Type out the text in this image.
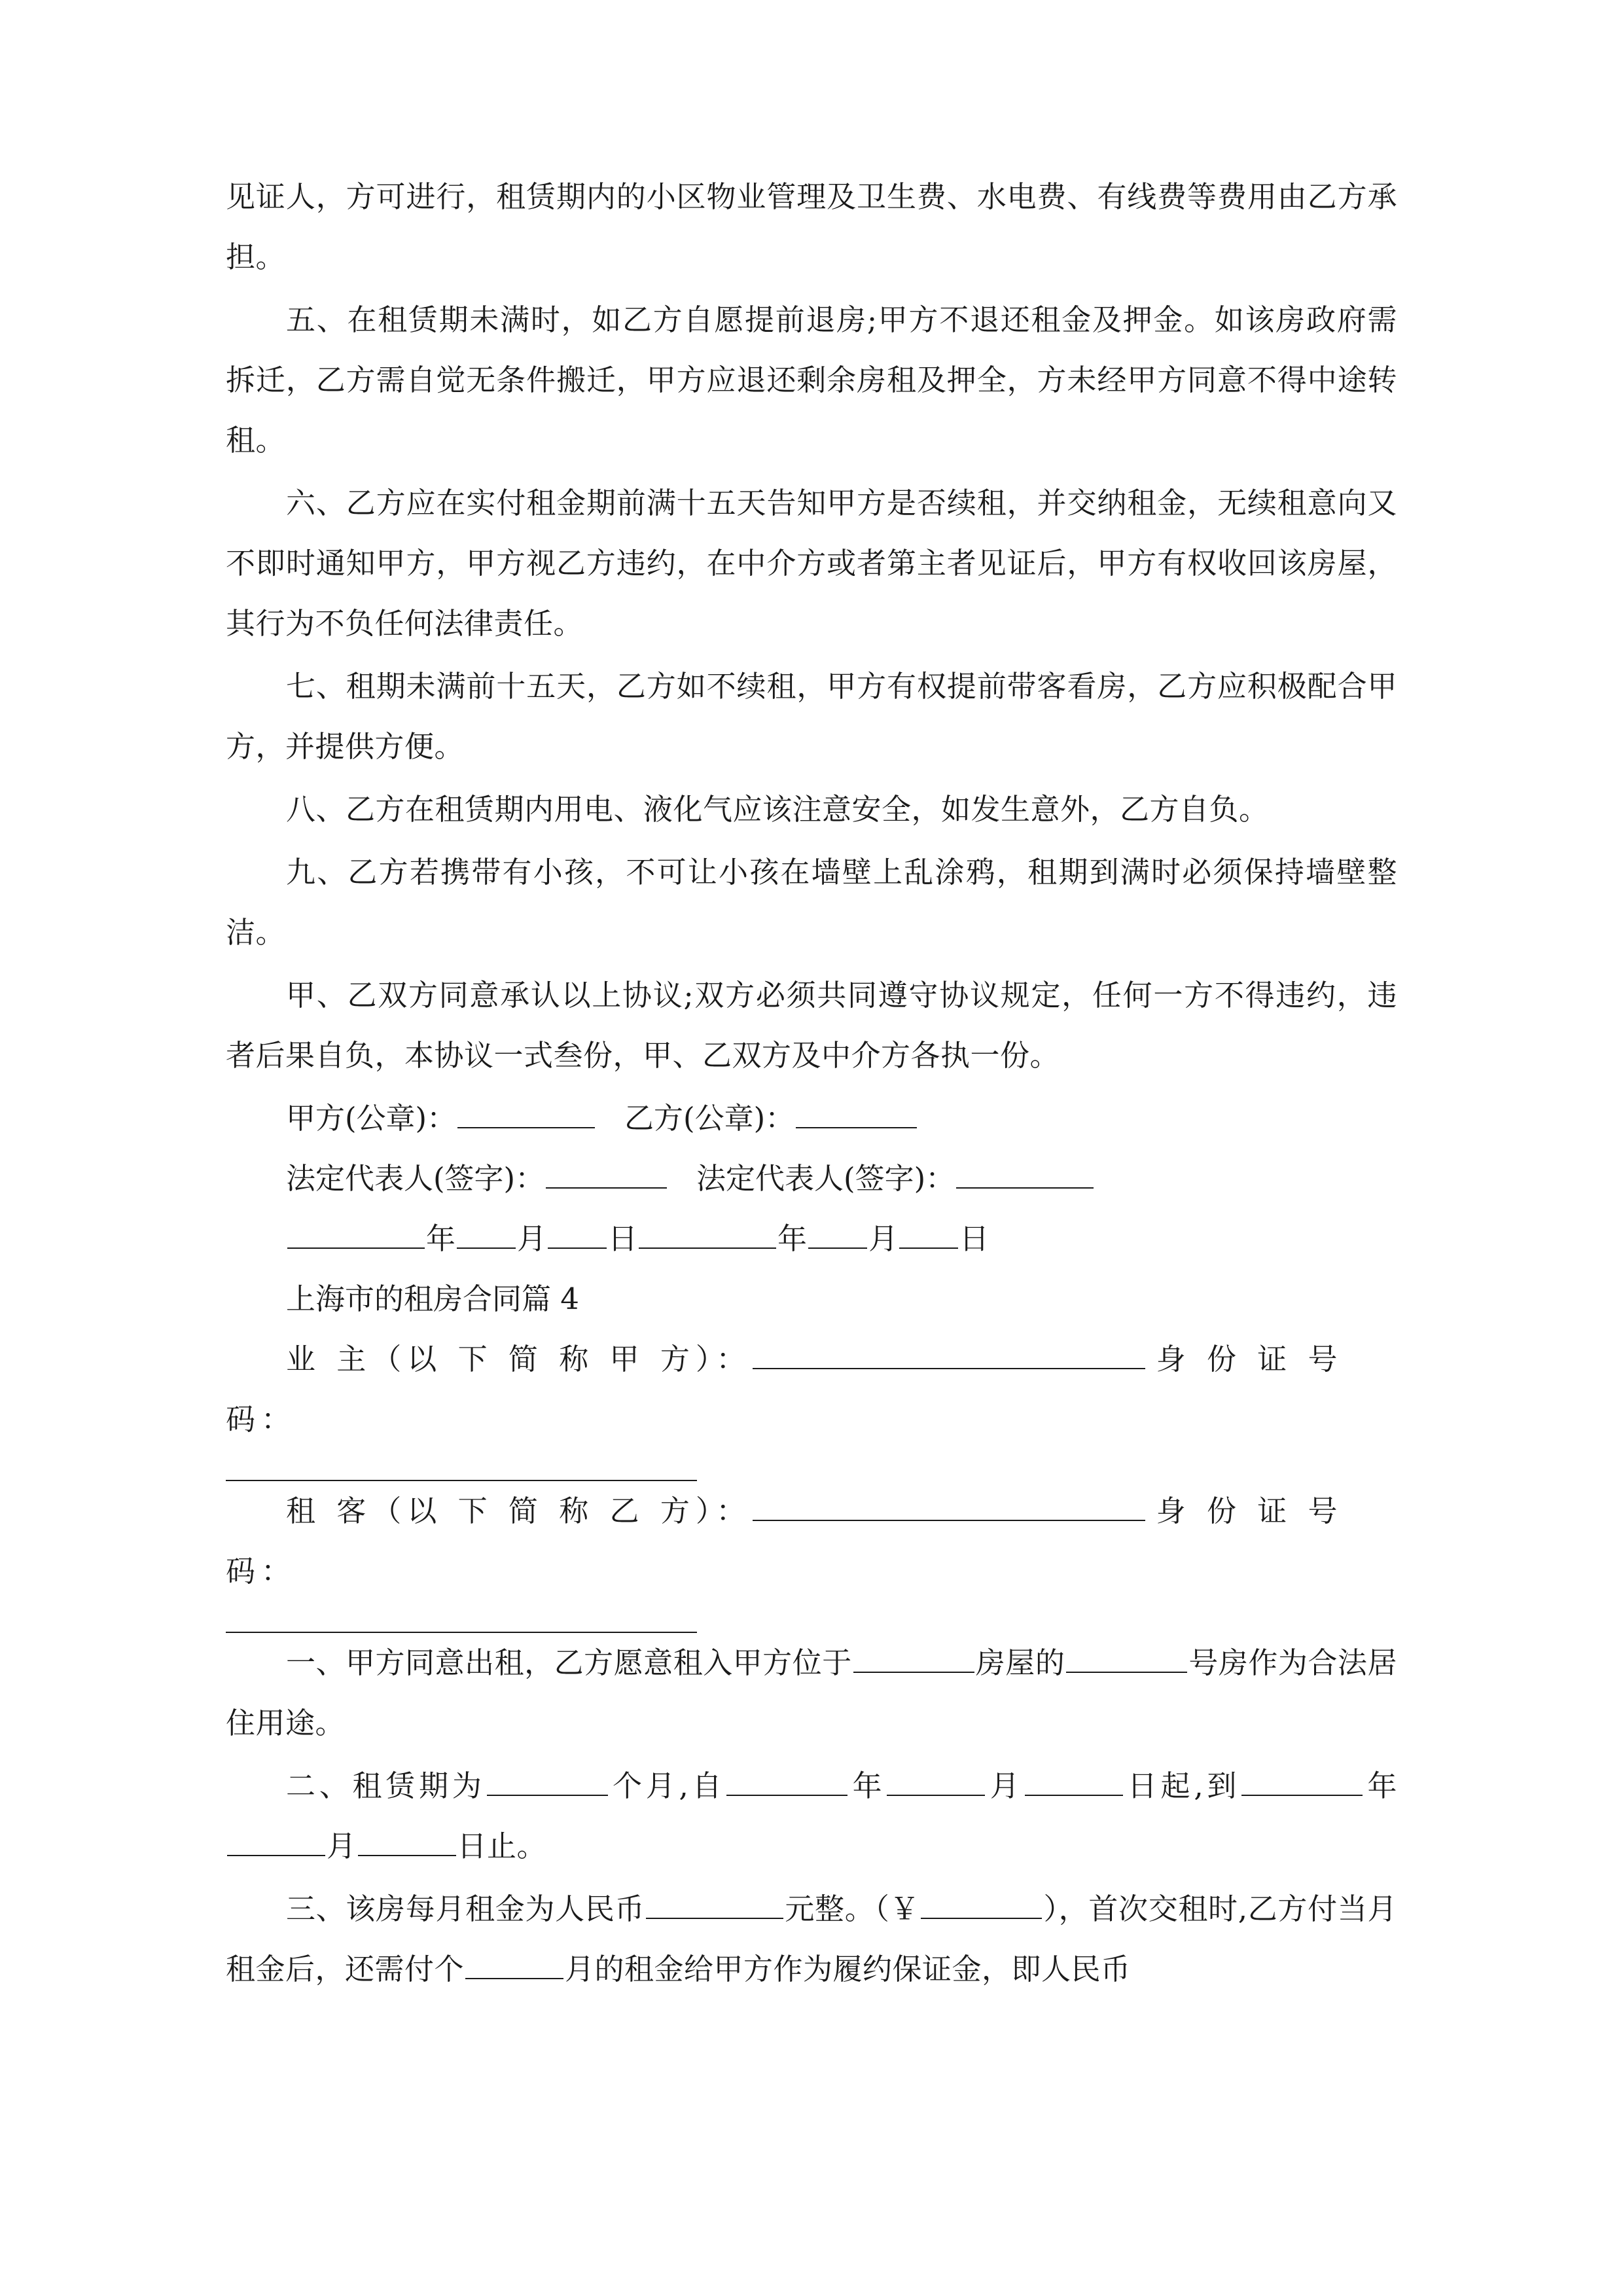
见证人，方可进行，租赁期内的小区物业管理及卫生费、水电费、有线费等费用由乙方承担。

五、在租赁期未满时，如乙方自愿提前退房;甲方不退还租金及押金。如该房政府需拆迁，乙方需自觉无条件搬迁，甲方应退还剩余房租及押全，方未经甲方同意不得中途转租。

六、乙方应在实付租金期前满十五天告知甲方是否续租，并交纳租金，无续租意向又不即时通知甲方，甲方视乙方违约，在中介方或者第主者见证后，甲方有权收回该房屋，其行为不负任何法律责任。

七、租期未满前十五天，乙方如不续租，甲方有权提前带客看房，乙方应积极配合甲方，并提供方便。

八、乙方在租赁期内用电、液化气应该注意安全，如发生意外，乙方自负。

九、乙方若携带有小孩，不可让小孩在墙壁上乱涂鸦，租期到满时必须保持墙壁整洁。

甲、乙双方同意承认以上协议;双方必须共同遵守协议规定，任何一方不得违约，违者后果自负，本协议一式叁份，甲、乙双方及中介方各执一份。

甲方(公章)：	乙方(公章)：
法定代表人(签字)：	法定代表人(签字)：
年 月 日	年 月 日
上海市的租房合同篇 4
业 主（以 下 简 称 甲 方）：	身 份 证 号 码：
租 客（以 下 简 称 乙 方）：	身 份 证 号 码：

一、甲方同意出租，乙方愿意租入甲方位于	房屋的	号房作为合法居住用途。

二、租赁期为	个月,自	年	月	日起,到	年月	日止。

三、该房每月租金为人民币	元整。（￥	），首次交租时,乙方付当月租金后，还需付个	月的租金给甲方作为履约保证金，即人民币
